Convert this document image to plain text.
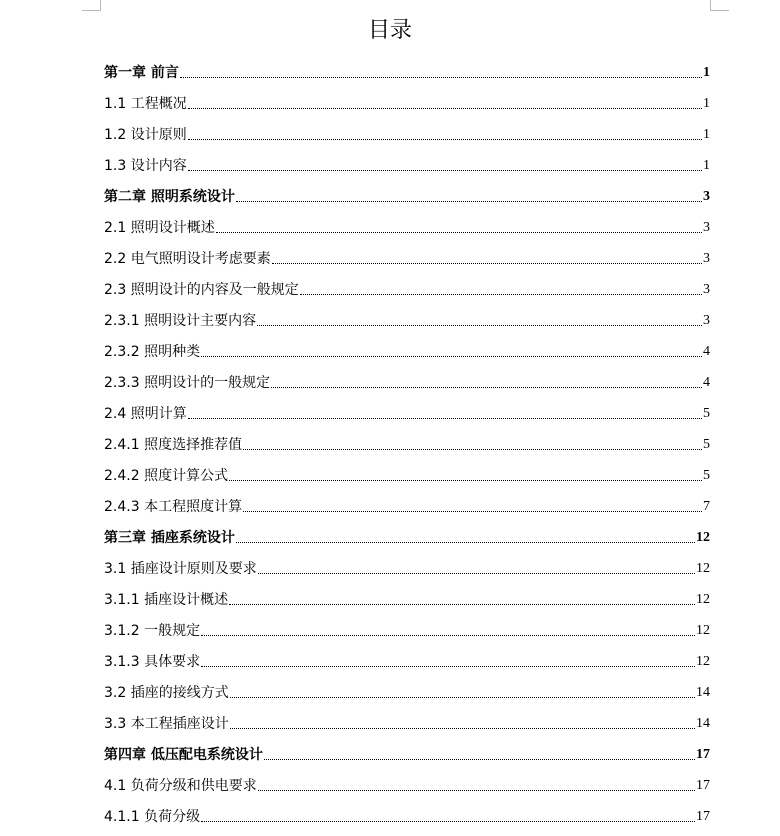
目录
第一章 前言	1
1.1 工程概况	1
1.2 设计原则	1
1.3 设计内容	1
第二章 照明系统设计	3
2.1 照明设计概述	3
2.2 电气照明设计考虑要素	3
2.3 照明设计的内容及一般规定	3
2.3.1 照明设计主要内容	3
2.3.2 照明种类	4
2.3.3 照明设计的一般规定	4
2.4 照明计算	5
2.4.1 照度选择推荐值	5
2.4.2 照度计算公式	5
2.4.3 本工程照度计算	7
第三章 插座系统设计	12
3.1 插座设计原则及要求	12
3.1.1 插座设计概述	12
3.1.2 一般规定	12
3.1.3 具体要求	12
3.2 插座的接线方式	14
3.3 本工程插座设计	14
第四章 低压配电系统设计	17
4.1 负荷分级和供电要求	17
4.1.1 负荷分级	17
